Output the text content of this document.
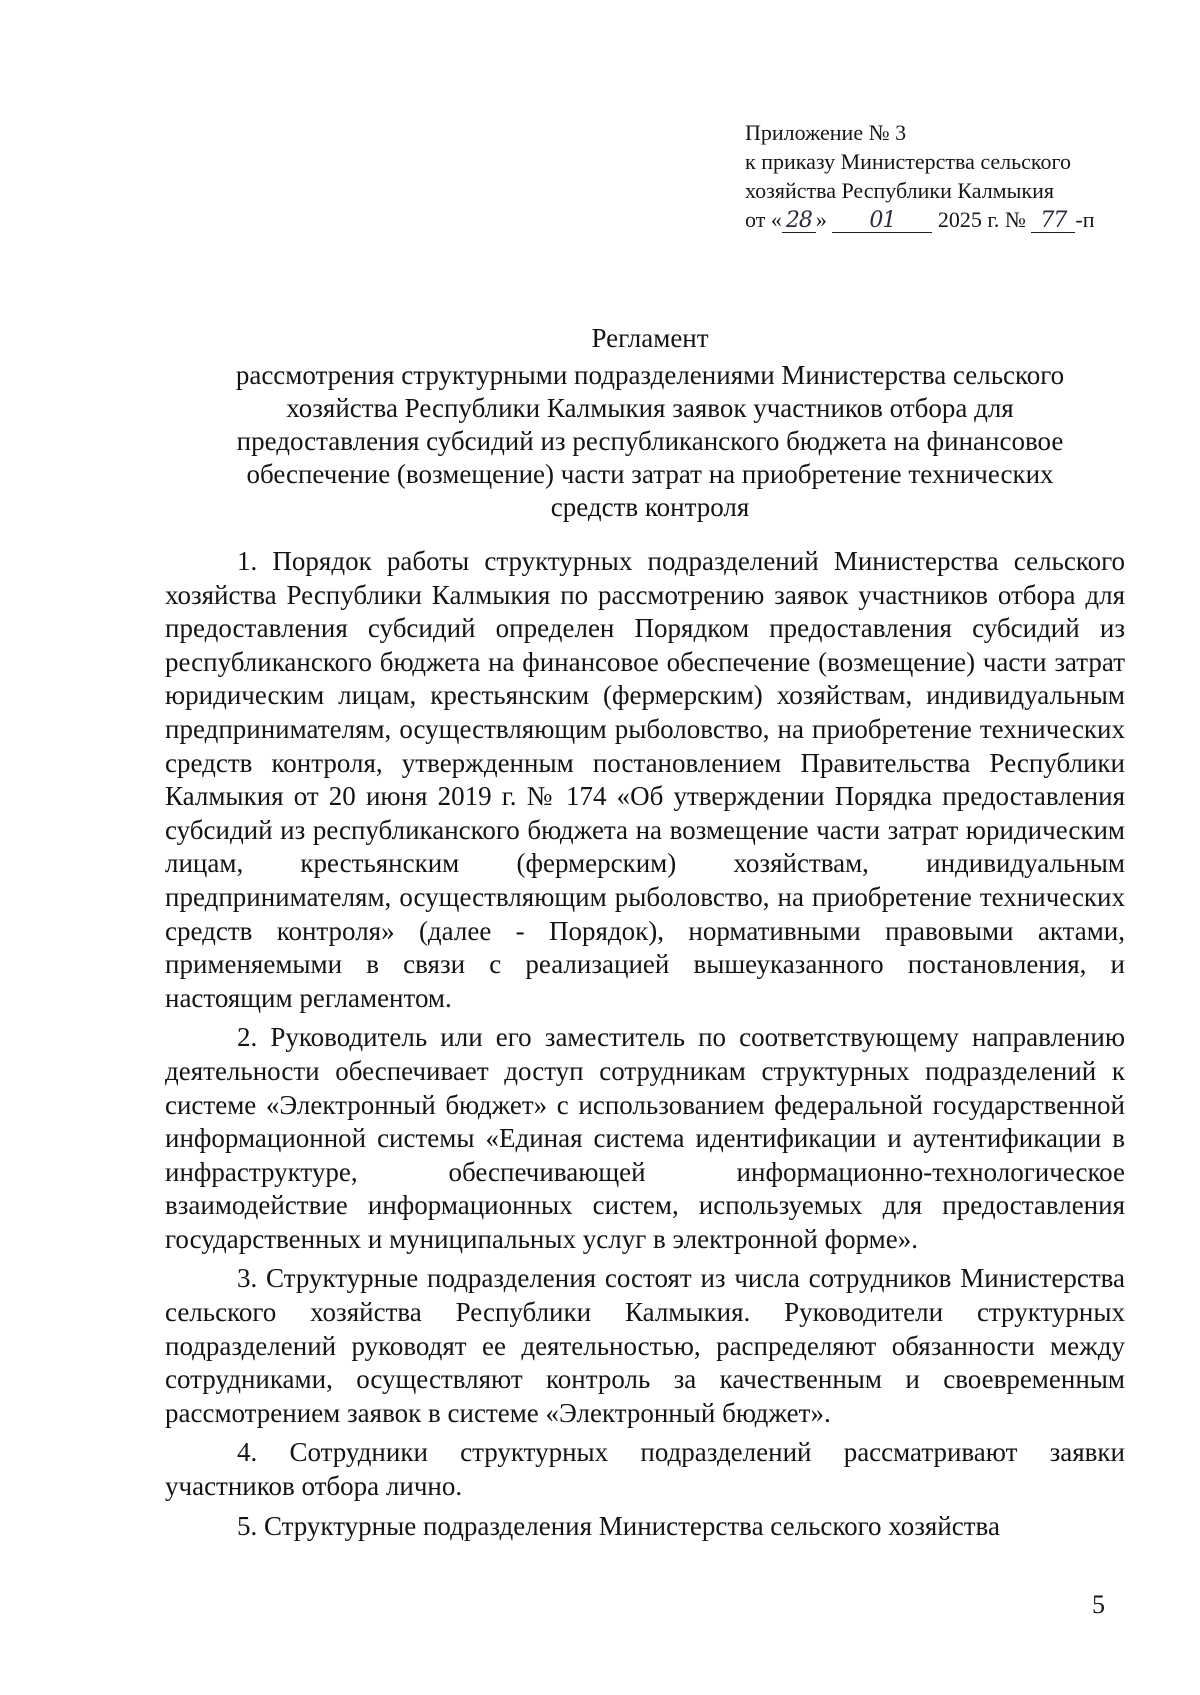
Приложение № 3
к приказу Министерства сельского
хозяйства Республики Калмыкия
от « 28 » 01 2025 г. № 77 -п
Регламент
рассмотрения структурными подразделениями Министерства сельского хозяйства Республики Калмыкия заявок участников отбора для предоставления субсидий из республиканского бюджета на финансовое обеспечение (возмещение) части затрат на приобретение технических средств контроля

1. Порядок работы структурных подразделений Министерства сельского хозяйства Республики Калмыкия по рассмотрению заявок участников отбора для предоставления субсидий определен Порядком предоставления субсидий из республиканского бюджета на финансовое обеспечение (возмещение) части затрат юридическим лицам, крестьянским (фермерским) хозяйствам, индивидуальным предпринимателям, осуществляющим рыболовство, на приобретение технических средств контроля, утвержденным постановлением Правительства Республики Калмыкия от 20 июня 2019 г. № 174 «Об утверждении Порядка предоставления субсидий из республиканского бюджета на возмещение части затрат юридическим лицам, крестьянским (фермерским) хозяйствам, индивидуальным предпринимателям, осуществляющим рыболовство, на приобретение технических средств контроля» (далее - Порядок), нормативными правовыми актами, применяемыми в связи с реализацией вышеуказанного постановления, и настоящим регламентом.

2. Руководитель или его заместитель по соответствующему направлению деятельности обеспечивает доступ сотрудникам структурных подразделений к системе «Электронный бюджет» с использованием федеральной государственной информационной системы «Единая система идентификации и аутентификации в инфраструктуре, обеспечивающей информационно-технологическое взаимодействие информационных систем, используемых для предоставления государственных и муниципальных услуг в электронной форме».

3. Структурные подразделения состоят из числа сотрудников Министерства сельского хозяйства Республики Калмыкия. Руководители структурных подразделений руководят ее деятельностью, распределяют обязанности между сотрудниками, осуществляют контроль за качественным и своевременным рассмотрением заявок в системе «Электронный бюджет».

4. Сотрудники структурных подразделений рассматривают заявки участников отбора лично.

5. Структурные подразделения Министерства сельского хозяйства

5
